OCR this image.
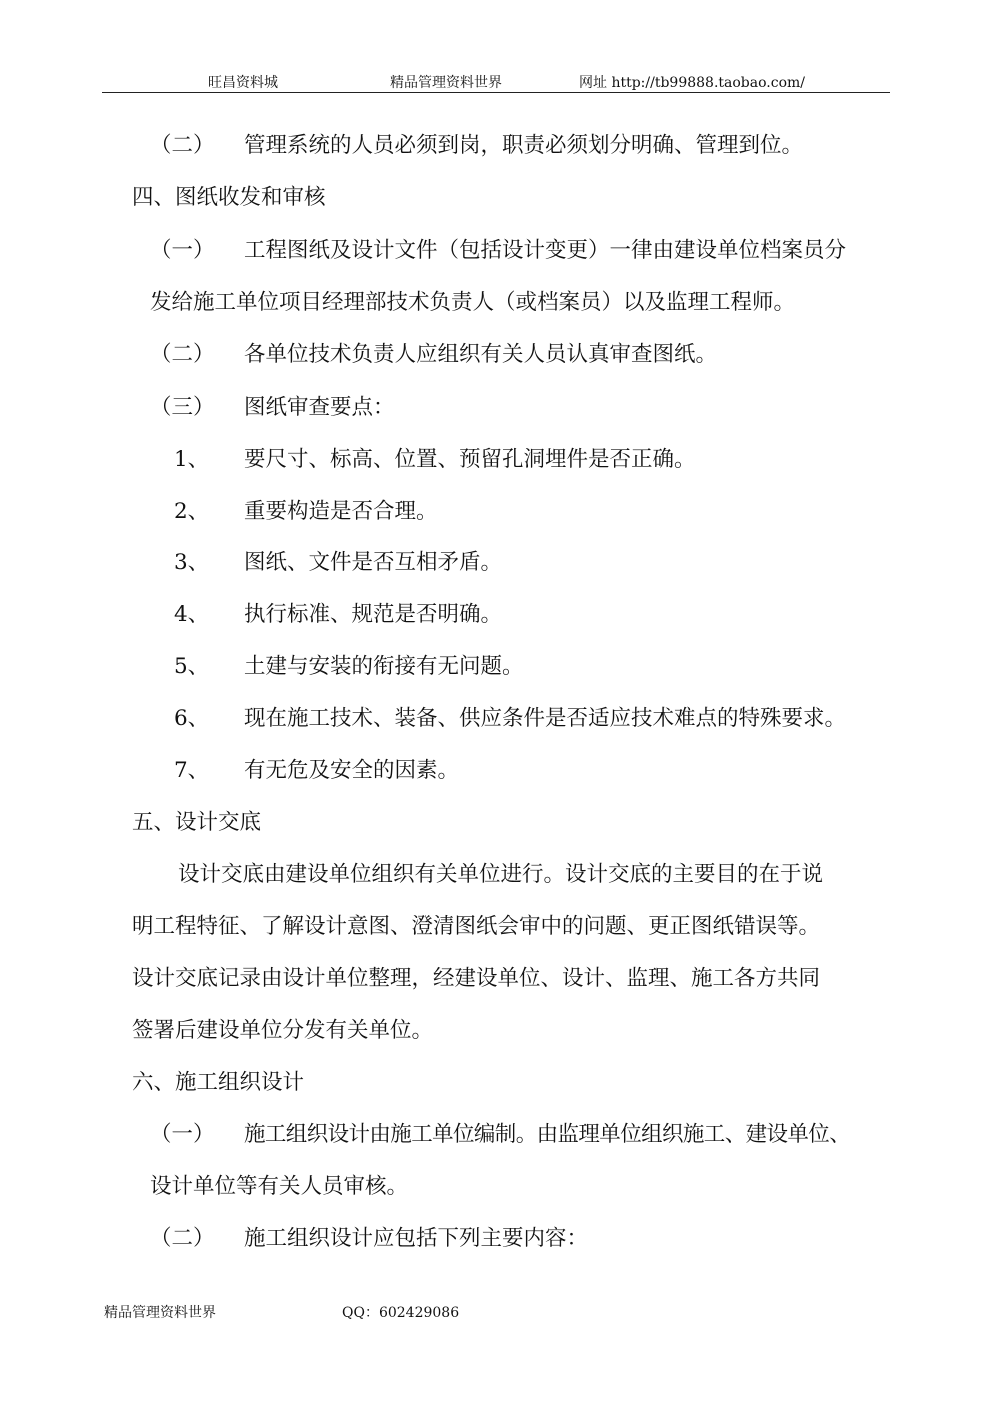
旺昌资料城	精品管理资料世界	网址 http://tb99888.taobao.com/
（二） 管理系统的人员必须到岗，职责必须划分明确、管理到位。
四、图纸收发和审核
（一） 工程图纸及设计文件（包括设计变更）一律由建设单位档案员分
发给施工单位项目经理部技术负责人（或档案员）以及监理工程师。
（二） 各单位技术负责人应组织有关人员认真审查图纸。
（三） 图纸审查要点：
1、 要尺寸、标高、位置、预留孔洞埋件是否正确。
2、 重要构造是否合理。
3、 图纸、文件是否互相矛盾。
4、 执行标准、规范是否明确。
5、 土建与安装的衔接有无问题。
6、 现在施工技术、装备、供应条件是否适应技术难点的特殊要求。
7、 有无危及安全的因素。
五、设计交底
设计交底由建设单位组织有关单位进行。设计交底的主要目的在于说
明工程特征、了解设计意图、澄清图纸会审中的问题、更正图纸错误等。
设计交底记录由设计单位整理，经建设单位、设计、监理、施工各方共同
签署后建设单位分发有关单位。
六、施工组织设计
（一） 施工组织设计由施工单位编制。由监理单位组织施工、建设单位、
设计单位等有关人员审核。
（二） 施工组织设计应包括下列主要内容：
精品管理资料世界	QQ：602429086
